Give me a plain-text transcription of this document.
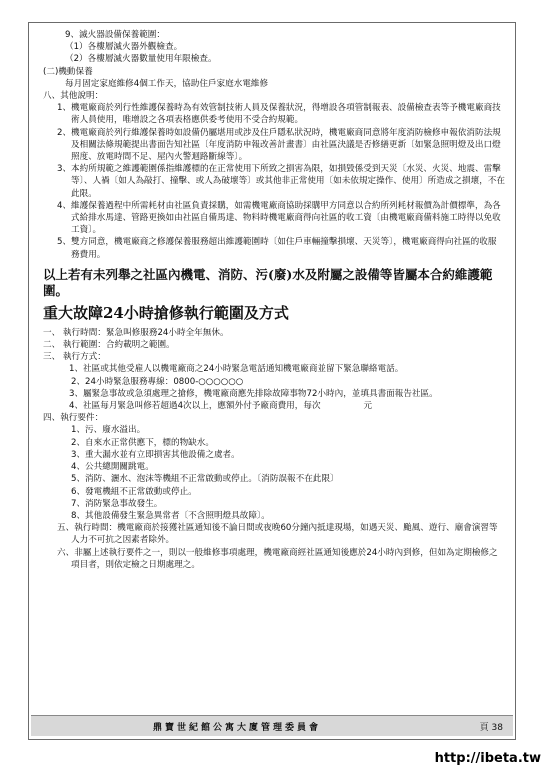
9、滅火器設備保養範圍：
（1）各樓層滅火器外觀檢查。
（2）各樓層滅火器數量使用年限檢查。
(二)機動保養
每月固定家庭維修4個工作天，協助住戶家庭水電維修
八、其他說明：
1、機電廠商於列行性維護保養時為有效管制技術人員及保養狀況，得增設各項管制報表、設備檢查表等予機電廠商技術人員使用，唯增設之各項表格應供委考使用不受合約規範。
2、機電廠商於列行維護保養時如設備仍屬堪用或涉及住戶隱私狀況時，機電廠商同意將年度消防檢修申報依消防法規及相關法條規範提出書面告知社區〔年度消防申報改善計畫書〕由社區決議是否修繕更新〔如緊急照明燈及出口燈照度、放電時間不足、屋內火警迴路斷線等〕。
3、本約所規範之維護範圍係指維護標的在正常使用下所致之損害為限，如損毀係受到天災〔水災、火災、地震、雷擊等〕、人禍〔如人為敲打、撞擊、或人為破壞等〕或其他非正常使用〔如未依規定操作、使用〕所造成之損壞，不在此限。
4、維護保養過程中所需耗材由社區負責採購，如需機電廠商協助採購甲方同意以合約所列耗材報價為計價標準，為各式給排水馬達、管路更換如由社區自備馬達、物料時機電廠商得向社區的收工資〔由機電廠商備料施工時得以免收工資〕。
5、雙方同意，機電廠商之修護保養服務超出維護範圍時〔如住戶車輛撞擊損壞、天災等〕，機電廠商得向社區的收服務費用。
以上若有未列舉之社區內機電、消防、污(廢)水及附屬之設備等皆屬本合約維護範圍。
重大故障24小時搶修執行範圍及方式
一、 執行時間：緊急叫修服務24小時全年無休。
二、 執行範圍：合約載明之範圍。
三、 執行方式：
1、社區或其他受雇人以機電廠商之24小時緊急電話通知機電廠商並留下緊急聯絡電話。
2、24小時緊急服務專線：0800-○○○○○○
3、屬緊急事故或急須處理之搶修，機電廠商應先排除故障事物72小時內，並填具書面報告社區。
4、社區每月緊急叫修若超過4次以上，應額外付予廠商費用，每次　　　　　元
四、執行要件：
1、污、廢水溢出。
2、自來水正常供應下，標的物缺水。
3、重大漏水並有立即損害其他設備之虞者。
4、公共總開關跳電。
5、消防、灑水、泡沫等機組不正常啟動或停止。〔消防誤報不在此限〕
6、發電機組不正常啟動或停止。
7、消防緊急事故發生。
8、其他設備發生緊急異常者〔不含照明燈具故障〕。
五、執行時間：機電廠商於接獲社區通知後不論日間或夜晚60分鐘內抵達現場，如遇天災、颱風、遊行、廟會演習等人力不可抗之因素者除外。
六、非屬上述執行要件之一，則以一般維修事項處理，機電廠商經社區通知後應於24小時內到修，但如為定期檢修之項目者，則依定檢之日期處理之。
鼎寶世紀館公寓大廈管理委員會	頁 38
http://ibeta.tw
